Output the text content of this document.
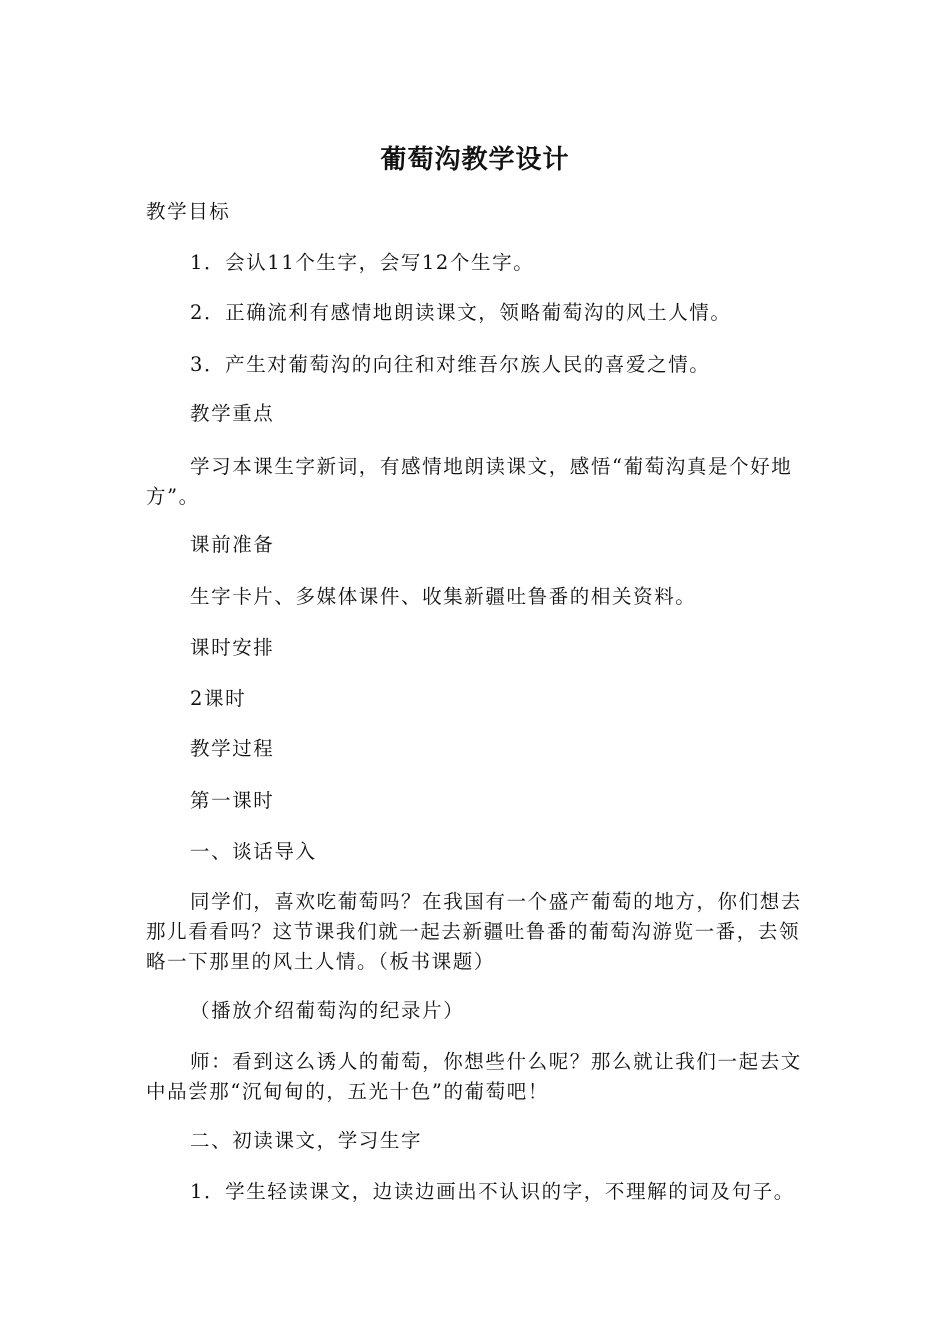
葡萄沟教学设计
教学目标
1．会认11个生字，会写12个生字。
2．正确流利有感情地朗读课文，领略葡萄沟的风土人情。
3．产生对葡萄沟的向往和对维吾尔族人民的喜爱之情。
教学重点
学习本课生字新词，有感情地朗读课文，感悟“葡萄沟真是个好地方”。
课前准备
生字卡片、多媒体课件、收集新疆吐鲁番的相关资料。
课时安排
2课时
教学过程
第一课时
一、谈话导入
同学们，喜欢吃葡萄吗？在我国有一个盛产葡萄的地方，你们想去那儿看看吗？这节课我们就一起去新疆吐鲁番的葡萄沟游览一番，去领略一下那里的风土人情。（板书课题）
（播放介绍葡萄沟的纪录片）
师：看到这么诱人的葡萄，你想些什么呢？那么就让我们一起去文中品尝那“沉甸甸的，五光十色”的葡萄吧！
二、初读课文，学习生字
1．学生轻读课文，边读边画出不认识的字，不理解的词及句子。
